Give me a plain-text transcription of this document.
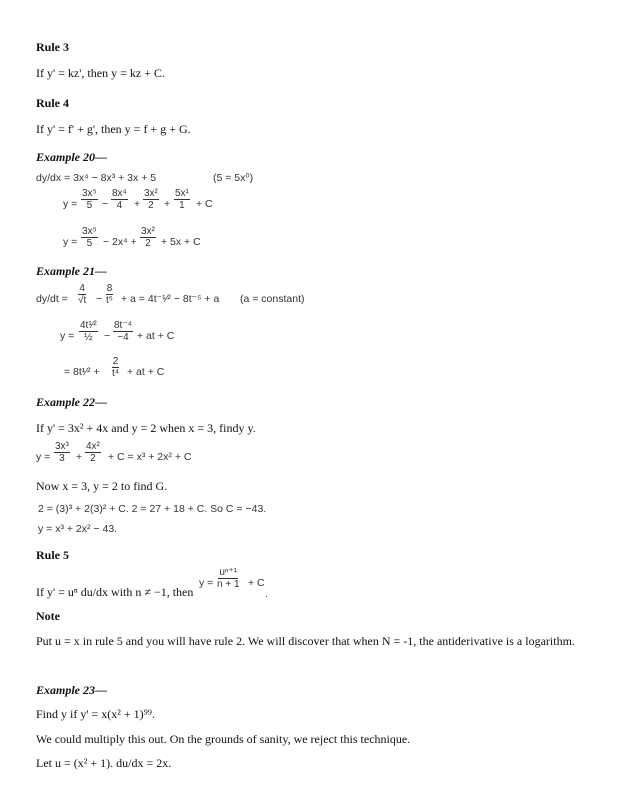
Rule 3
If y' = kz', then y = kz + C.
Rule 4
If y' = f' + g', then y = f + g + G.
Example 20—
dy/dx = 3x⁴ − 8x³ + 3x + 5	(5 = 5x⁰)
$y = \frac{\text{3x⁵}}{5} - \frac{\text{8x⁴}}{4} + \frac{\text{3x²}}{2} + \frac{\text{5x¹}}{1} + C$
$y = \frac{\text{3x⁵}}{5} - 2x^4 + \frac{\text{3x²}}{2} + 5x + C$
Example 21—
$dy/dt = \frac{4}{√t} - \frac{8}{\text{t⁵}} + a$ = 4t⁻¹⁄² − 8t⁻⁵ + a (a = constant)
y =
4t¹⁄²
½ − $\frac{\text{8t⁻⁴}}{-4}$ + at + C
= 8t¹⁄² + $\frac{2}{\text{t⁴}}$ + at + C
Example 22—
If y' = 3x² + 4x and y = 2 when x = 3, findy y.
$y = \frac{\text{3x³}}{3} + \frac{\text{4x²}}{2} + C = x^3 + 2x^2 + C$
Now x = 3, y = 2 to find G.
2 = (3)³ + 2(3)² + C. 2 = 27 + 18 + C. So C = −43.
y = x³ + 2x² − 43.
Rule 5
If y' = uⁿ du/dx with n ≠ −1, then
$y = \frac{\text{uⁿ⁺¹}}{n + 1} + C$
.
Note
Put u = x in rule 5 and you will have rule 2. We will discover that when N = -1, the antiderivative is a logarithm.
Example 23—
Find y if y' = x(x² + 1)⁹⁹.
We could multiply this out. On the grounds of sanity, we reject this technique.
Let u = (x² + 1). du/dx = 2x.
